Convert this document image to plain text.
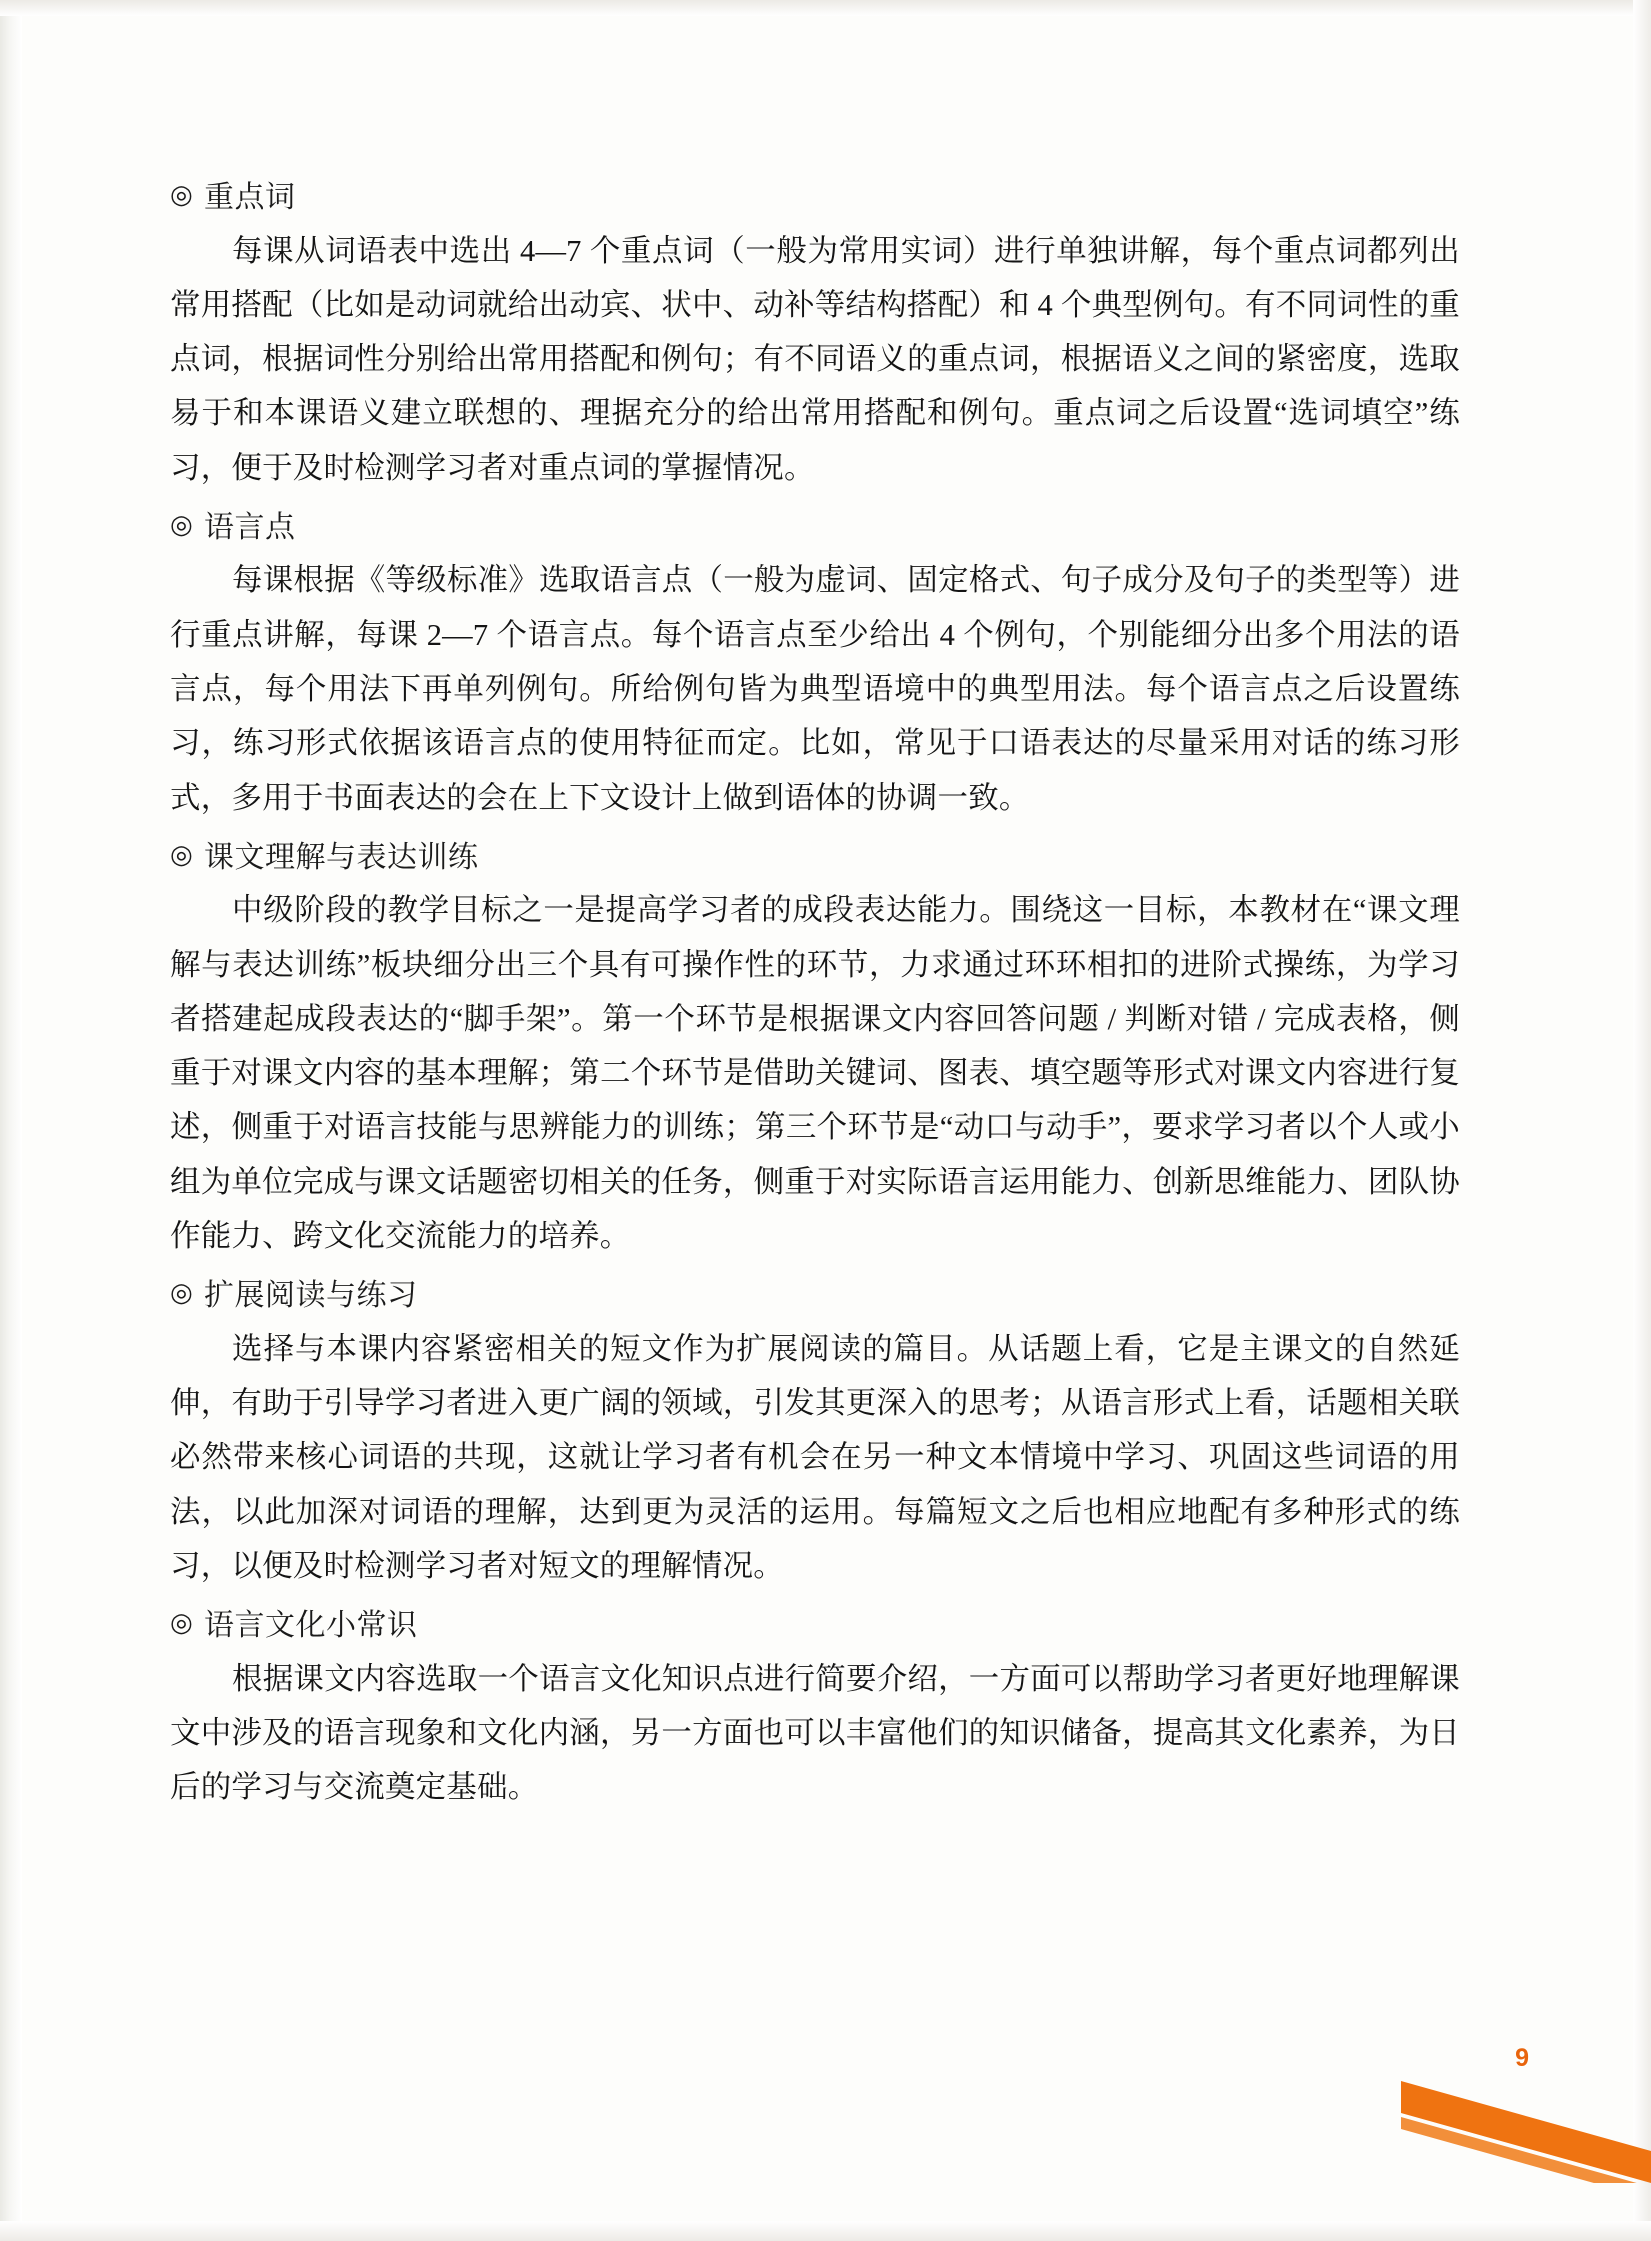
◎ 重点词

每课从词语表中选出 4—7 个重点词（一般为常用实词）进行单独讲解，每个重点词都列出常用搭配（比如是动词就给出动宾、状中、动补等结构搭配）和 4 个典型例句。有不同词性的重点词，根据词性分别给出常用搭配和例句；有不同语义的重点词，根据语义之间的紧密度，选取易于和本课语义建立联想的、理据充分的给出常用搭配和例句。重点词之后设置“选词填空”练习，便于及时检测学习者对重点词的掌握情况。

◎ 语言点

每课根据《等级标准》选取语言点（一般为虚词、固定格式、句子成分及句子的类型等）进行重点讲解，每课 2—7 个语言点。每个语言点至少给出 4 个例句，个别能细分出多个用法的语言点，每个用法下再单列例句。所给例句皆为典型语境中的典型用法。每个语言点之后设置练习，练习形式依据该语言点的使用特征而定。比如，常见于口语表达的尽量采用对话的练习形式，多用于书面表达的会在上下文设计上做到语体的协调一致。

◎ 课文理解与表达训练

中级阶段的教学目标之一是提高学习者的成段表达能力。围绕这一目标，本教材在“课文理解与表达训练”板块细分出三个具有可操作性的环节，力求通过环环相扣的进阶式操练，为学习者搭建起成段表达的“脚手架”。第一个环节是根据课文内容回答问题 / 判断对错 / 完成表格，侧重于对课文内容的基本理解；第二个环节是借助关键词、图表、填空题等形式对课文内容进行复述，侧重于对语言技能与思辨能力的训练；第三个环节是“动口与动手”，要求学习者以个人或小组为单位完成与课文话题密切相关的任务，侧重于对实际语言运用能力、创新思维能力、团队协作能力、跨文化交流能力的培养。

◎ 扩展阅读与练习

选择与本课内容紧密相关的短文作为扩展阅读的篇目。从话题上看，它是主课文的自然延伸，有助于引导学习者进入更广阔的领域，引发其更深入的思考；从语言形式上看，话题相关联必然带来核心词语的共现，这就让学习者有机会在另一种文本情境中学习、巩固这些词语的用法，以此加深对词语的理解，达到更为灵活的运用。每篇短文之后也相应地配有多种形式的练习，以便及时检测学习者对短文的理解情况。

◎ 语言文化小常识

根据课文内容选取一个语言文化知识点进行简要介绍，一方面可以帮助学习者更好地理解课文中涉及的语言现象和文化内涵，另一方面也可以丰富他们的知识储备，提高其文化素养，为日后的学习与交流奠定基础。

9
